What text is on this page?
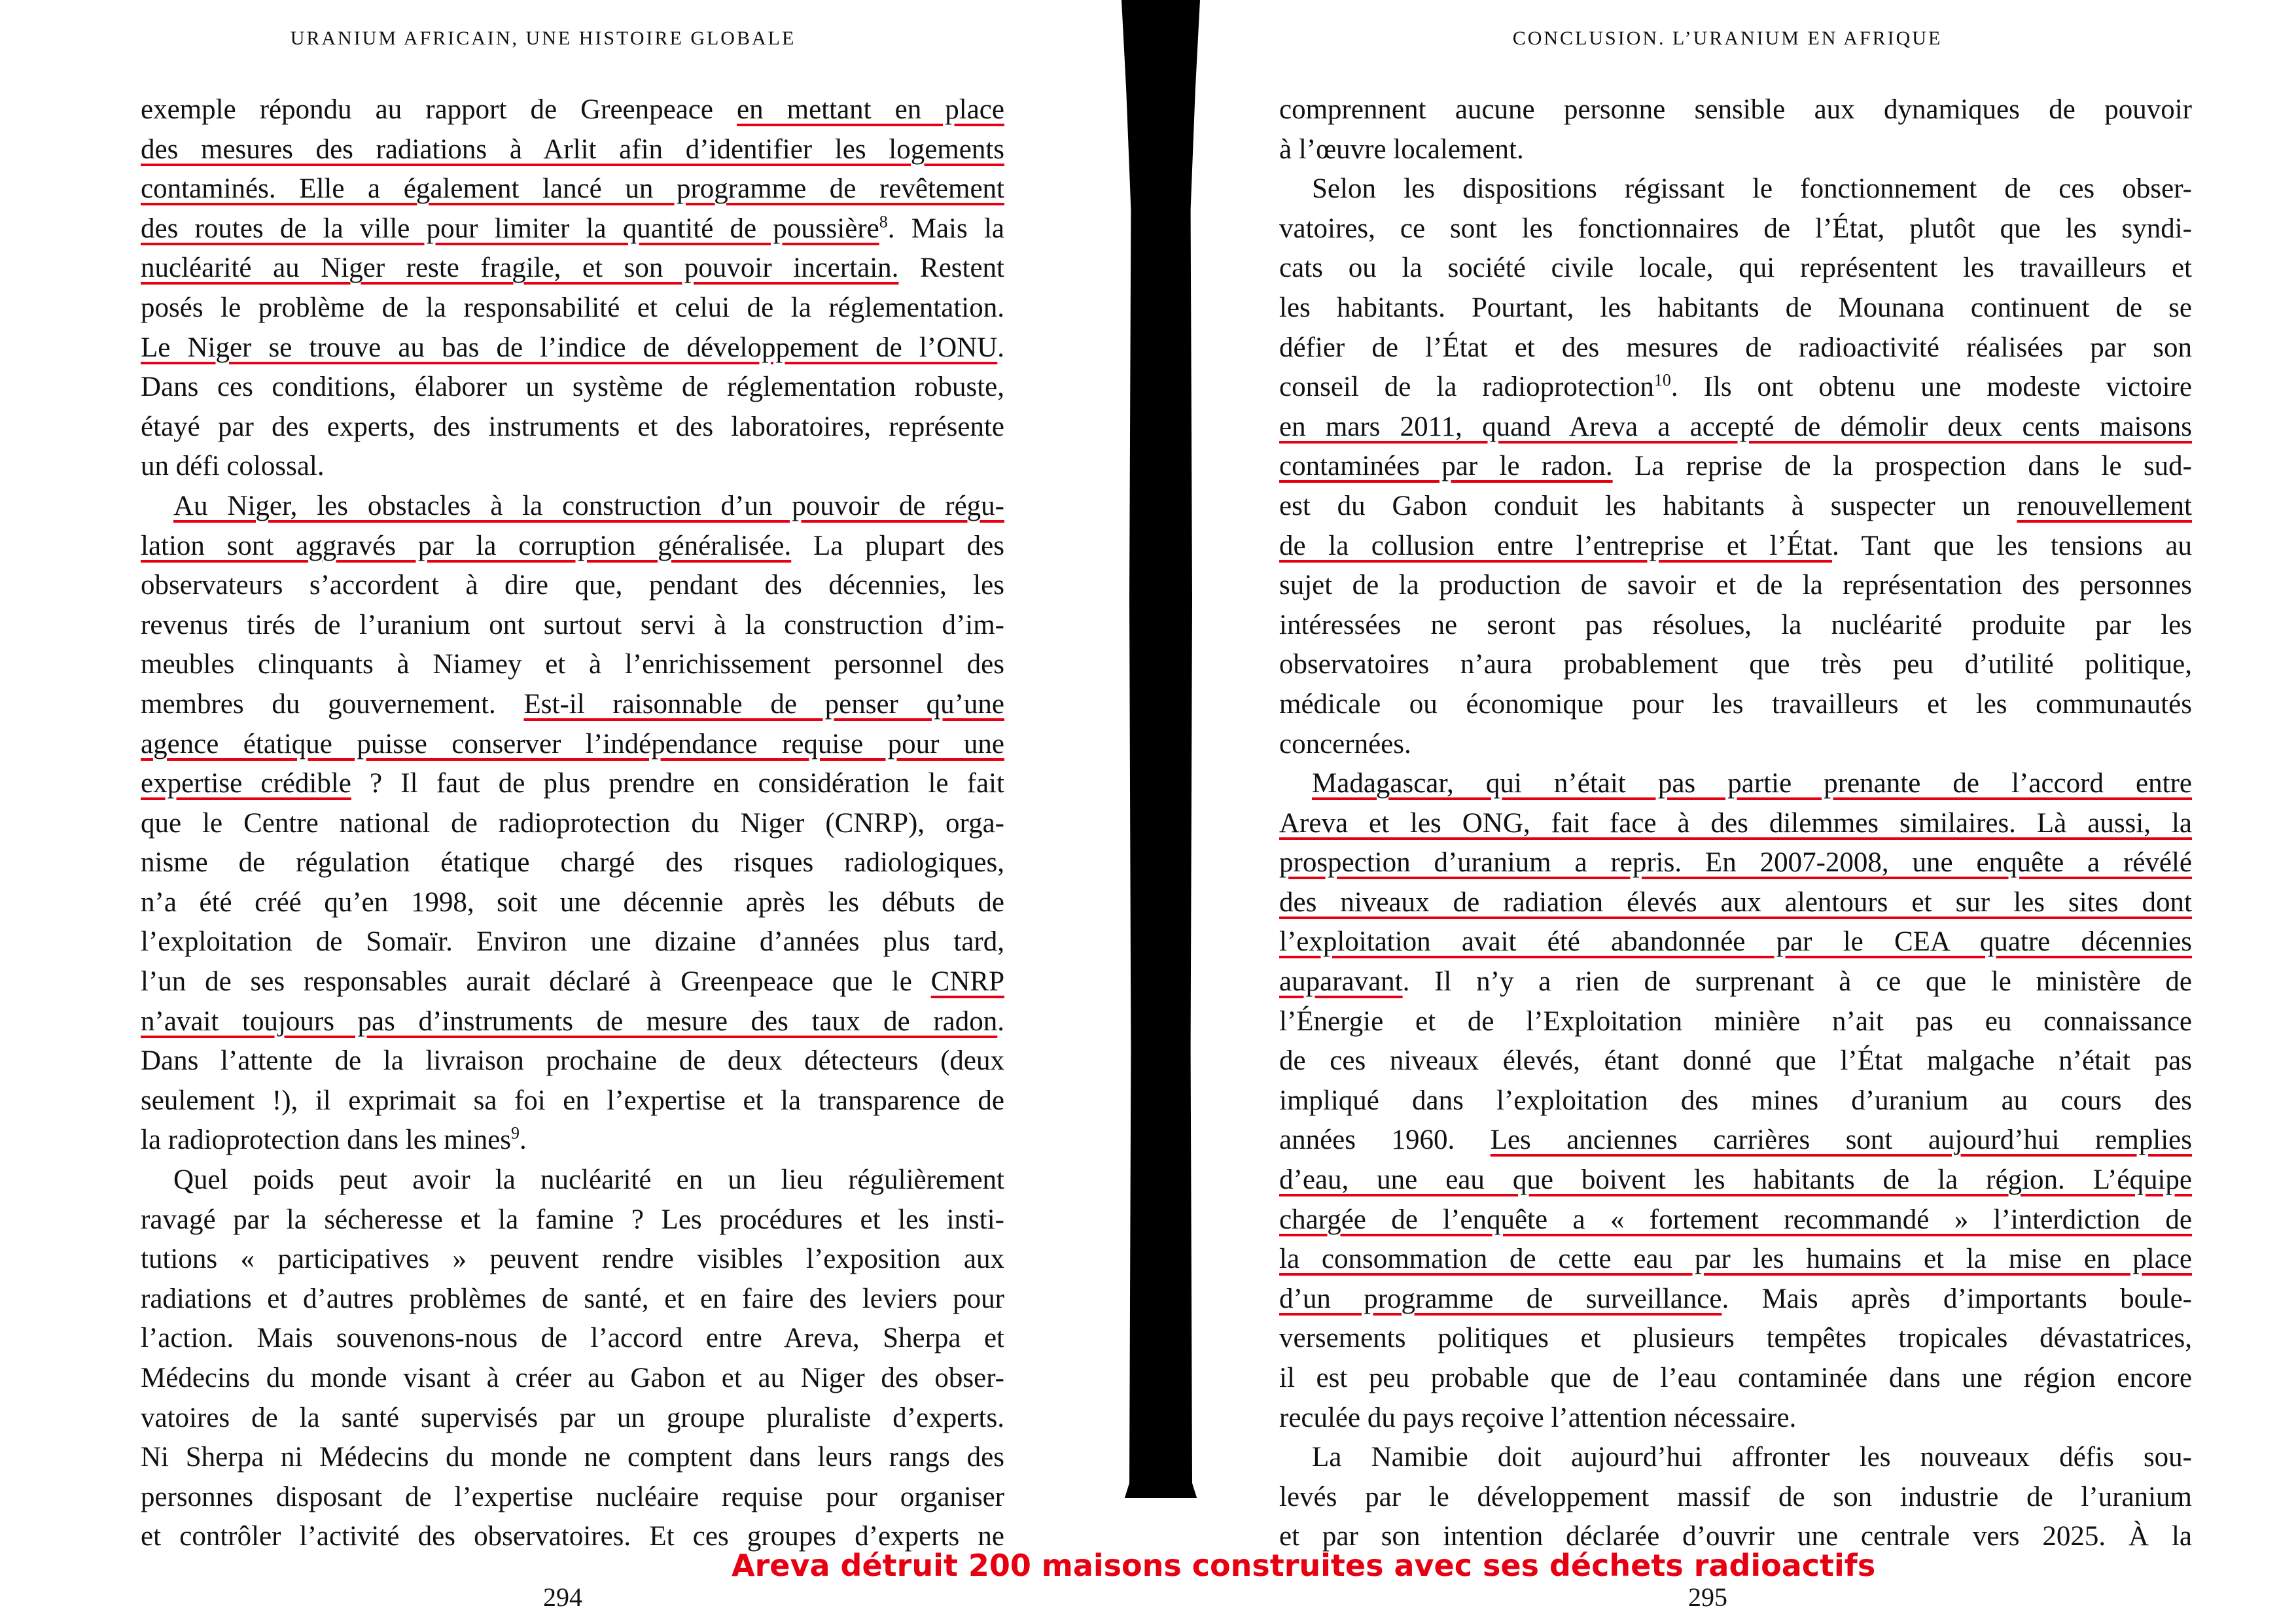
URANIUM AFRICAIN, UNE HISTOIRE GLOBALE
exemple répondu au rapport de Greenpeace en mettant en place
des mesures des radiations à Arlit afin d’identifier les logements
contaminés. Elle a également lancé un programme de revêtement
des routes de la ville pour limiter la quantité de poussière$^8$. Mais la
nucléarité au Niger reste fragile, et son pouvoir incertain. Restent
posés le problème de la responsabilité et celui de la réglementation.
Le Niger se trouve au bas de l’indice de développement de l’ONU.
Dans ces conditions, élaborer un système de réglementation robuste,
étayé par des experts, des instruments et des laboratoires, représente
un défi colossal.
Au Niger, les obstacles à la construction d’un pouvoir de régu-
lation sont aggravés par la corruption généralisée. La plupart des
observateurs s’accordent à dire que, pendant des décennies, les
revenus tirés de l’uranium ont surtout servi à la construction d’im-
meubles clinquants à Niamey et à l’enrichissement personnel des
membres du gouvernement. Est-il raisonnable de penser qu’une
agence étatique puisse conserver l’indépendance requise pour une
expertise crédible ? Il faut de plus prendre en considération le fait
que le Centre national de radioprotection du Niger (CNRP), orga-
nisme de régulation étatique chargé des risques radiologiques,
n’a été créé qu’en 1998, soit une décennie après les débuts de
l’exploitation de Somaïr. Environ une dizaine d’années plus tard,
l’un de ses responsables aurait déclaré à Greenpeace que le CNRP
n’avait toujours pas d’instruments de mesure des taux de radon.
Dans l’attente de la livraison prochaine de deux détecteurs (deux
seulement !), il exprimait sa foi en l’expertise et la transparence de
la radioprotection dans les mines$^9$.
Quel poids peut avoir la nucléarité en un lieu régulièrement
ravagé par la sécheresse et la famine ? Les procédures et les insti-
tutions « participatives » peuvent rendre visibles l’exposition aux
radiations et d’autres problèmes de santé, et en faire des leviers pour
l’action. Mais souvenons-nous de l’accord entre Areva, Sherpa et
Médecins du monde visant à créer au Gabon et au Niger des obser-
vatoires de la santé supervisés par un groupe pluraliste d’experts.
Ni Sherpa ni Médecins du monde ne comptent dans leurs rangs des
personnes disposant de l’expertise nucléaire requise pour organiser
et contrôler l’activité des observatoires. Et ces groupes d’experts ne
294
CONCLUSION. L’URANIUM EN AFRIQUE
comprennent aucune personne sensible aux dynamiques de pouvoir
à l’œuvre localement.
Selon les dispositions régissant le fonctionnement de ces obser-
vatoires, ce sont les fonctionnaires de l’État, plutôt que les syndi-
cats ou la société civile locale, qui représentent les travailleurs et
les habitants. Pourtant, les habitants de Mounana continuent de se
défier de l’État et des mesures de radioactivité réalisées par son
conseil de la radioprotection$^{10}$. Ils ont obtenu une modeste victoire
en mars 2011, quand Areva a accepté de démolir deux cents maisons
contaminées par le radon. La reprise de la prospection dans le sud-
est du Gabon conduit les habitants à suspecter un renouvellement
de la collusion entre l’entreprise et l’État. Tant que les tensions au
sujet de la production de savoir et de la représentation des personnes
intéressées ne seront pas résolues, la nucléarité produite par les
observatoires n’aura probablement que très peu d’utilité politique,
médicale ou économique pour les travailleurs et les communautés
concernées.
Madagascar, qui n’était pas partie prenante de l’accord entre
Areva et les ONG, fait face à des dilemmes similaires. Là aussi, la
prospection d’uranium a repris. En 2007-2008, une enquête a révélé
des niveaux de radiation élevés aux alentours et sur les sites dont
l’exploitation avait été abandonnée par le CEA quatre décennies
auparavant. Il n’y a rien de surprenant à ce que le ministère de
l’Énergie et de l’Exploitation minière n’ait pas eu connaissance
de ces niveaux élevés, étant donné que l’État malgache n’était pas
impliqué dans l’exploitation des mines d’uranium au cours des
années 1960. Les anciennes carrières sont aujourd’hui remplies
d’eau, une eau que boivent les habitants de la région. L’équipe
chargée de l’enquête a « fortement recommandé » l’interdiction de
la consommation de cette eau par les humains et la mise en place
d’un programme de surveillance. Mais après d’importants boule-
versements politiques et plusieurs tempêtes tropicales dévastatrices,
il est peu probable que de l’eau contaminée dans une région encore
reculée du pays reçoive l’attention nécessaire.
La Namibie doit aujourd’hui affronter les nouveaux défis sou-
levés par le développement massif de son industrie de l’uranium
et par son intention déclarée d’ouvrir une centrale vers 2025. À la
295
Areva détruit 200 maisons construites avec ses déchets radioactifs
